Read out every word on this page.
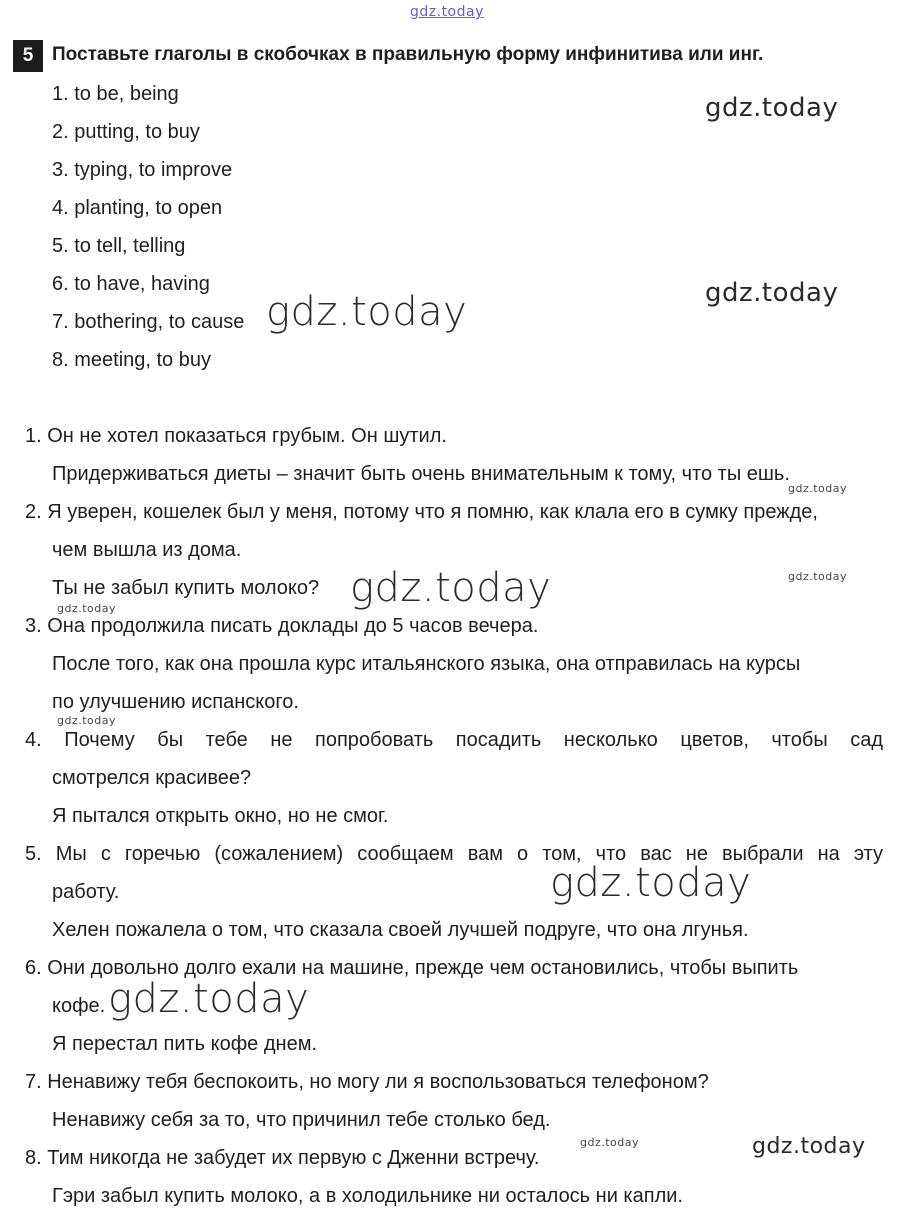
gdz.today
gdz.today
gdz.today
gdz.today
gdz.today
gdz.today	gdz.today
gdz.today
gdz.today
gdz.today
gdz.today
gdz.today	gdz.today
5 Поставьте глаголы в скобочках в правильную форму инфинитива или инг.
1. to be, being
2. putting, to buy
3. typing, to improve
4. planting, to open
5. to tell, telling
6. to have, having
7. bothering, to cause
8. meeting, to buy
1. Он не хотел показаться грубым. Он шутил.
Придерживаться диеты – значит быть очень внимательным к тому, что ты ешь.
2. Я уверен, кошелек был у меня, потому что я помню, как клала его в сумку прежде,
чем вышла из дома.
Ты не забыл купить молоко?
3. Она продолжила писать доклады до 5 часов вечера.
После того, как она прошла курс итальянского языка, она отправилась на курсы
по улучшению испанского.
4. Почему бы тебе не попробовать посадить несколько цветов, чтобы сад
смотрелся красивее?
Я пытался открыть окно, но не смог.
5. Мы с горечью (сожалением) сообщаем вам о том, что вас не выбрали на эту
работу.
Хелен пожалела о том, что сказала своей лучшей подруге, что она лгунья.
6. Они довольно долго ехали на машине, прежде чем остановились, чтобы выпить
кофе.
Я перестал пить кофе днем.
7. Ненавижу тебя беспокоить, но могу ли я воспользоваться телефоном?
Ненавижу себя за то, что причинил тебе столько бед.
8. Тим никогда не забудет их первую с Дженни встречу.
Гэри забыл купить молоко, а в холодильнике ни осталось ни капли.
